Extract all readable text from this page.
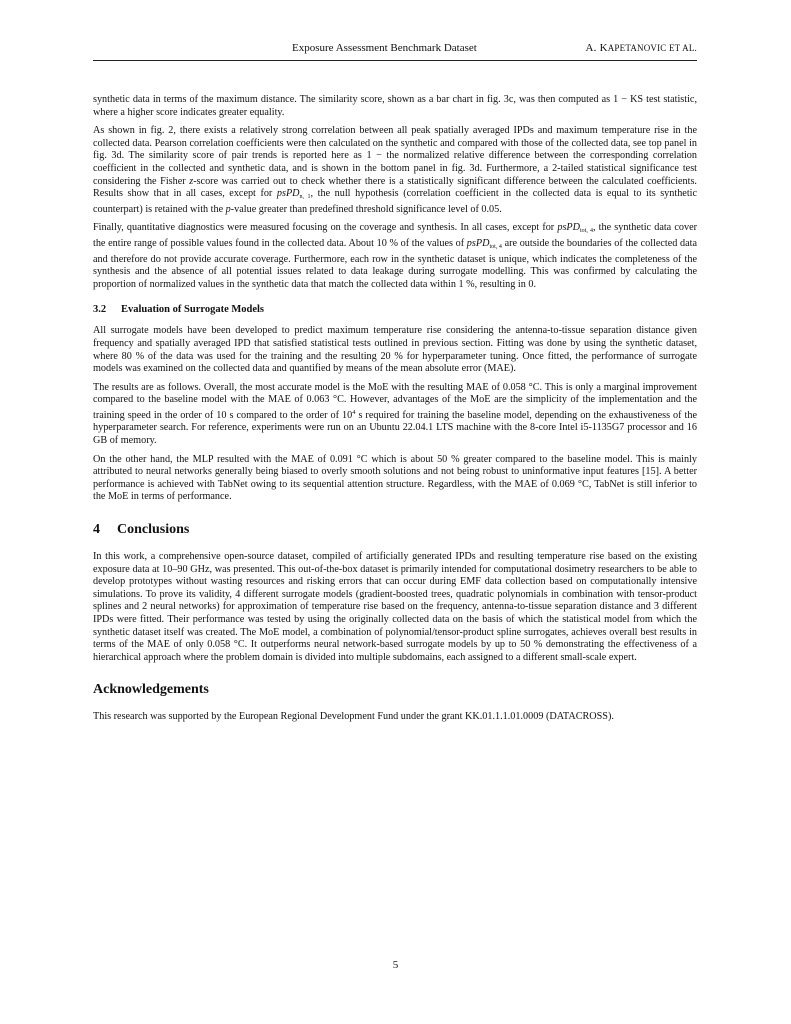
Exposure Assessment Benchmark Dataset	A. KAPETANOVIC ET AL.

synthetic data in terms of the maximum distance. The similarity score, shown as a bar chart in fig. 3c, was then computed as 1 − KS test statistic, where a higher score indicates greater equality.

As shown in fig. 2, there exists a relatively strong correlation between all peak spatially averaged IPDs and maximum temperature rise in the collected data. Pearson correlation coefficients were then calculated on the synthetic and compared with those of the collected data, see top panel in fig. 3d. The similarity score of pair trends is reported here as 1 − the normalized relative difference between the corresponding correlation coefficient in the collected and synthetic data, and is shown in the bottom panel in fig. 3d. Furthermore, a 2-tailed statistical significance test considering the Fisher z-score was carried out to check whether there is a statistically significant difference between the calculated coefficients. Results show that in all cases, except for psPD$_{n, 1}$, the null hypothesis (correlation coefficient in the collected data is equal to its synthetic counterpart) is retained with the p-value greater than predefined threshold significance level of 0.05.

Finally, quantitative diagnostics were measured focusing on the coverage and synthesis. In all cases, except for psPD$_{tot, 4}$, the synthetic data cover the entire range of possible values found in the collected data. About 10 % of the values of psPD$_{tot, 4}$ are outside the boundaries of the collected data and therefore do not provide accurate coverage. Furthermore, each row in the synthetic dataset is unique, which indicates the completeness of the synthesis and the absence of all potential issues related to data leakage during surrogate modelling. This was confirmed by calculating the proportion of normalized values in the synthetic data that match the collected data within 1 %, resulting in 0.

3.2 Evaluation of Surrogate Models

All surrogate models have been developed to predict maximum temperature rise considering the antenna-to-tissue separation distance given frequency and spatially averaged IPD that satisfied statistical tests outlined in previous section. Fitting was done by using the synthetic dataset, where 80 % of the data was used for the training and the resulting 20 % for hyperparameter tuning. Once fitted, the performance of surrogate models was examined on the collected data and quantified by means of the mean absolute error (MAE).

The results are as follows. Overall, the most accurate model is the MoE with the resulting MAE of 0.058 °C. This is only a marginal improvement compared to the baseline model with the MAE of 0.063 °C. However, advantages of the MoE are the simplicity of the implementation and the training speed in the order of 10 s compared to the order of $10^4$ s required for training the baseline model, depending on the exhaustiveness of the hyperparameter search. For reference, experiments were run on an Ubuntu 22.04.1 LTS machine with the 8-core Intel i5-1135G7 processor and 16 GB of memory.

On the other hand, the MLP resulted with the MAE of 0.091 °C which is about 50 % greater compared to the baseline model. This is mainly attributed to neural networks generally being biased to overly smooth solutions and not being robust to uninformative input features [15]. A better performance is achieved with TabNet owing to its sequential attention structure. Regardless, with the MAE of 0.069 °C, TabNet is still inferior to the MoE in terms of performance.

4 Conclusions

In this work, a comprehensive open-source dataset, compiled of artificially generated IPDs and resulting temperature rise based on the existing exposure data at 10–90 GHz, was presented. This out-of-the-box dataset is primarily intended for computational dosimetry researchers to be able to develop prototypes without wasting resources and risking errors that can occur during EMF data collection based on computationally intensive simulations. To prove its validity, 4 different surrogate models (gradient-boosted trees, quadratic polynomials in combination with tensor-product splines and 2 neural networks) for approximation of temperature rise based on the frequency, antenna-to-tissue separation distance and 3 different IPDs were fitted. Their performance was tested by using the originally collected data on the basis of which the statistical model from which the synthetic dataset itself was created. The MoE model, a combination of polynomial/tensor-product spline surrogates, achieves overall best results in terms of the MAE of only 0.058 °C. It outperforms neural network-based surrogate models by up to 50 % demonstrating the effectiveness of a hierarchical approach where the problem domain is divided into multiple subdomains, each assigned to a different small-scale expert.

Acknowledgements

This research was supported by the European Regional Development Fund under the grant KK.01.1.1.01.0009 (DATACROSS).

5
